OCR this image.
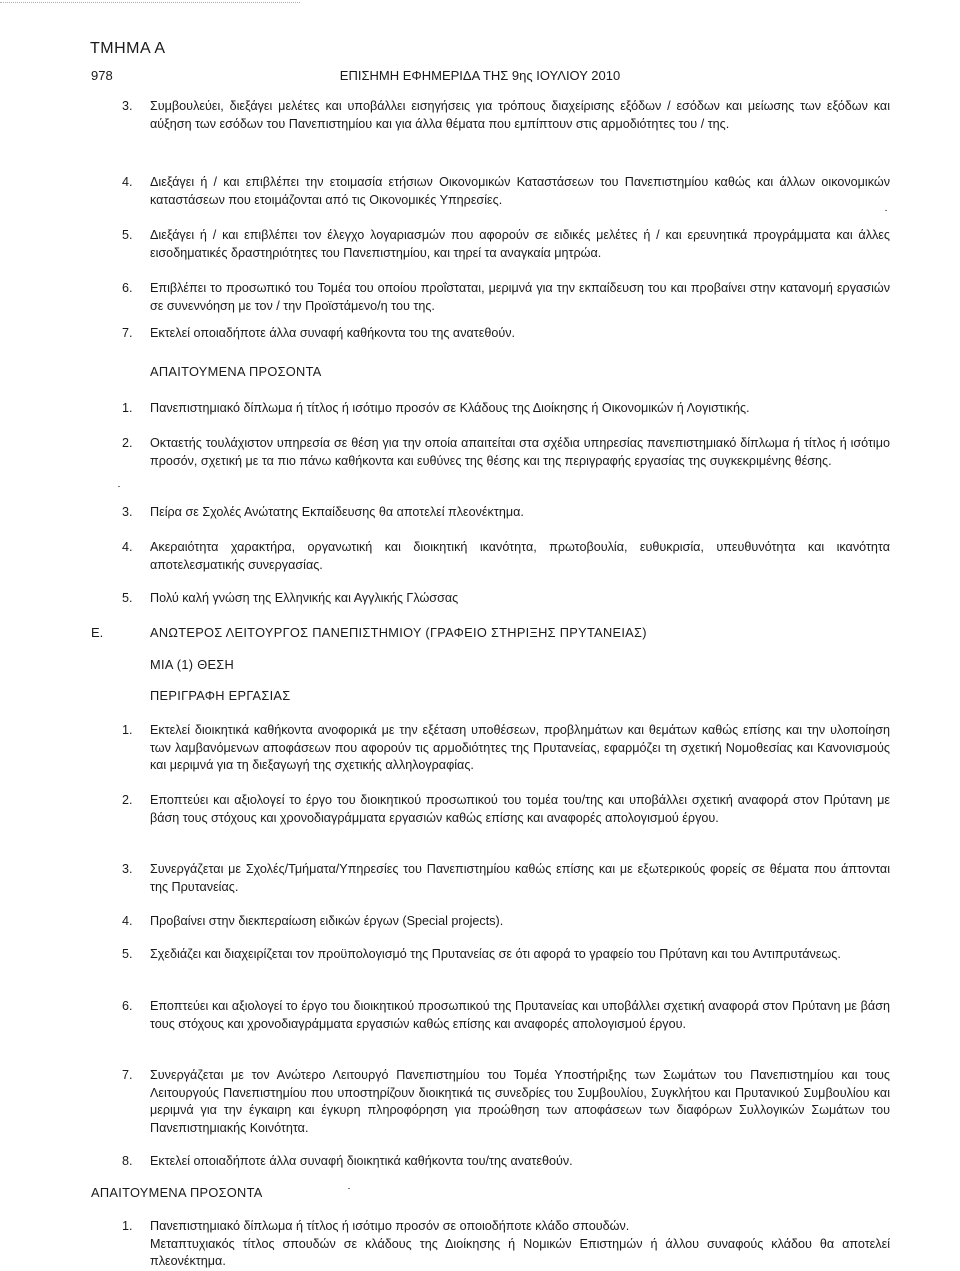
ΤΜΗΜΑ Α
978	ΕΠΙΣΗΜΗ ΕΦΗΜΕΡΙΔΑ ΤΗΣ 9ης ΙΟΥΛΙΟΥ 2010
3.	Συμβουλεύει, διεξάγει μελέτες και υποβάλλει εισηγήσεις για τρόπους διαχείρισης εξόδων / εσόδων και μείωσης των εξόδων και αύξηση των εσόδων του Πανεπιστημίου και για άλλα θέματα που εμπίπτουν στις αρμοδιότητες του / της.
4.	Διεξάγει ή / και επιβλέπει την ετοιμασία ετήσιων Οικονομικών Καταστάσεων του Πανεπιστημίου καθώς και άλλων οικονομικών καταστάσεων που ετοιμάζονται από τις Οικονομικές Υπηρεσίες.
5.	Διεξάγει ή / και επιβλέπει τον έλεγχο λογαριασμών που αφορούν σε ειδικές μελέτες ή / και ερευνητικά προγράμματα και άλλες εισοδηματικές δραστηριότητες του Πανεπιστημίου, και τηρεί τα αναγκαία μητρώα.
6.	Επιβλέπει το προσωπικό του Τομέα του οποίου προΐσταται, μεριμνά για την εκπαίδευση του και προβαίνει στην κατανομή εργασιών σε συνεννόηση με τον / την Προϊστάμενο/η του της.
7.	Εκτελεί οποιαδήποτε άλλα συναφή καθήκοντα του της ανατεθούν.
ΑΠΑΙΤΟΥΜΕΝΑ ΠΡΟΣΟΝΤΑ
1.	Πανεπιστημιακό δίπλωμα ή τίτλος ή ισότιμο προσόν σε Κλάδους της Διοίκησης ή Οικονομικών ή Λογιστικής.
2.	Οκταετής τουλάχιστον υπηρεσία σε θέση για την οποία απαιτείται στα σχέδια υπηρεσίας πανεπιστημιακό δίπλωμα ή τίτλος ή ισότιμο προσόν, σχετική με τα πιο πάνω καθήκοντα και ευθύνες της θέσης και της περιγραφής εργασίας της συγκεκριμένης θέσης.
3.	Πείρα σε Σχολές Ανώτατης Εκπαίδευσης θα αποτελεί πλεονέκτημα.
4.	Ακεραιότητα χαρακτήρα, οργανωτική και διοικητική ικανότητα, πρωτοβουλία, ευθυκρισία, υπευθυνότητα και ικανότητα αποτελεσματικής συνεργασίας.
5.	Πολύ καλή γνώση της Ελληνικής και Αγγλικής Γλώσσας
Ε.	ΑΝΩΤΕΡΟΣ ΛΕΙΤΟΥΡΓΟΣ ΠΑΝΕΠΙΣΤΗΜΙΟΥ (ΓΡΑΦΕΙΟ ΣΤΗΡΙΞΗΣ ΠΡΥΤΑΝΕΙΑΣ)
ΜΙΑ (1) ΘΕΣΗ
ΠΕΡΙΓΡΑΦΗ ΕΡΓΑΣΙΑΣ
1.	Εκτελεί διοικητικά καθήκοντα ανοφορικά με την εξέταση υποθέσεων, προβλημάτων και θεμάτων καθώς επίσης και την υλοποίηση των λαμβανόμενων αποφάσεων που αφορούν τις αρμοδιότητες της Πρυτανείας, εφαρμόζει τη σχετική Νομοθεσίας και Κανονισμούς και μεριμνά για τη διεξαγωγή της σχετικής αλληλογραφίας.
2.	Εποπτεύει και αξιολογεί το έργο του διοικητικού προσωπικού του τομέα του/της και υποβάλλει σχετική αναφορά στον Πρύτανη με βάση τους στόχους και χρονοδιαγράμματα εργασιών καθώς επίσης και αναφορές απολογισμού έργου.
3.	Συνεργάζεται με Σχολές/Τμήματα/Υπηρεσίες του Πανεπιστημίου καθώς επίσης και με εξωτερικούς φορείς σε θέματα που άπτονται της Πρυτανείας.
4.	Προβαίνει στην διεκπεραίωση ειδικών έργων (Special projects).
5.	Σχεδιάζει και διαχειρίζεται τον προϋπολογισμό της Πρυτανείας σε ότι αφορά το γραφείο του Πρύτανη και του Αντιπρυτάνεως.
6.	Εποπτεύει και αξιολογεί το έργο του διοικητικού προσωπικού της Πρυτανείας και υποβάλλει σχετική αναφορά στον Πρύτανη με βάση τους στόχους και χρονοδιαγράμματα εργασιών καθώς επίσης και αναφορές απολογισμού έργου.
7.	Συνεργάζεται με τον Ανώτερο Λειτουργό Πανεπιστημίου του Τομέα Υποστήριξης των Σωμάτων του Πανεπιστημίου και τους Λειτουργούς Πανεπιστημίου που υποστηρίζουν διοικητικά τις συνεδρίες του Συμβουλίου, Συγκλήτου και Πρυτανικού Συμβουλίου και μεριμνά για την έγκαιρη και έγκυρη πληροφόρηση για προώθηση των αποφάσεων των διαφόρων Συλλογικών Σωμάτων του Πανεπιστημιακής Κοινότητα.
8.	Εκτελεί οποιαδήποτε άλλα συναφή διοικητικά καθήκοντα του/της ανατεθούν.
ΑΠΑΙΤΟΥΜΕΝΑ ΠΡΟΣΟΝΤΑ
1.	Πανεπιστημιακό δίπλωμα ή τίτλος ή ισότιμο προσόν σε οποιοδήποτε κλάδο σπουδών.
Μεταπτυχιακός τίτλος σπουδών σε κλάδους της Διοίκησης ή Νομικών Επιστημών ή άλλου συναφούς κλάδου θα αποτελεί πλεονέκτημα.
